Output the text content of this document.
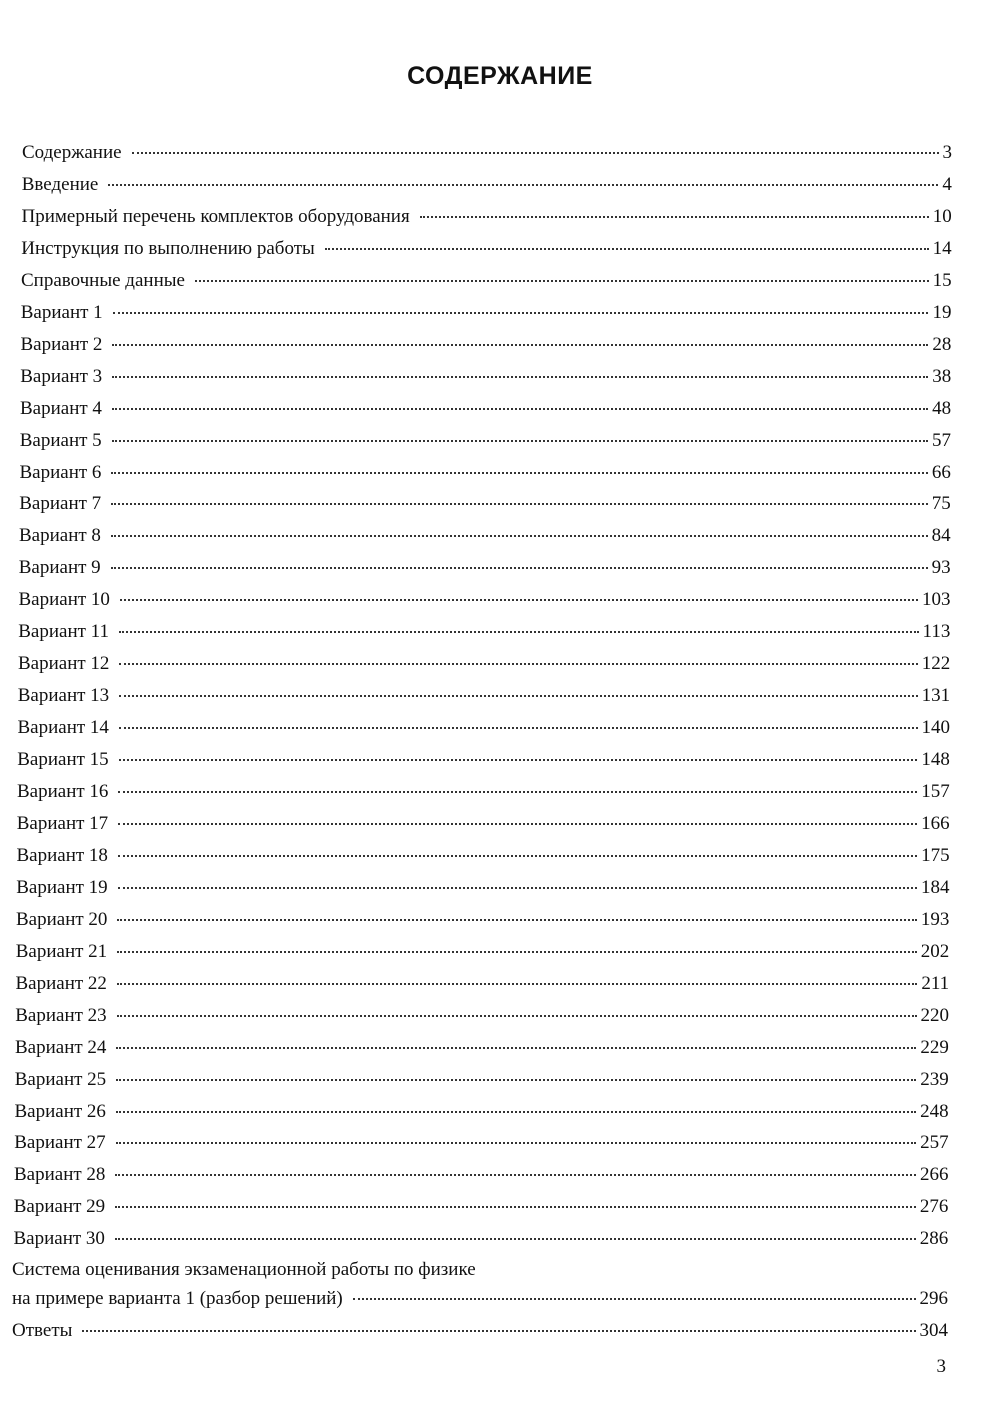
СОДЕРЖАНИЕ
Система оценивания экзаменационной работы по физике
на примере варианта 1 (разбор решений)	296
Ответы	304
Содержание	3
Введение	4
Примерный перечень комплектов оборудования	10
Инструкция по выполнению работы	14
Справочные данные	15
Вариант 1	19
Вариант 2	28
Вариант 3	38
Вариант 4	48
Вариант 5	57
Вариант 6	66
Вариант 7	75
Вариант 8	84
Вариант 9	93
Вариант 10	103
Вариант 11	113
Вариант 12	122
Вариант 13	131
Вариант 14	140
Вариант 15	148
Вариант 16	157
Вариант 17	166
Вариант 18	175
Вариант 19	184
Вариант 20	193
Вариант 21	202
Вариант 22	211
Вариант 23	220
Вариант 24	229
Вариант 25	239
Вариант 26	248
Вариант 27	257
Вариант 28	266
Вариант 29	276
Вариант 30	286
3
